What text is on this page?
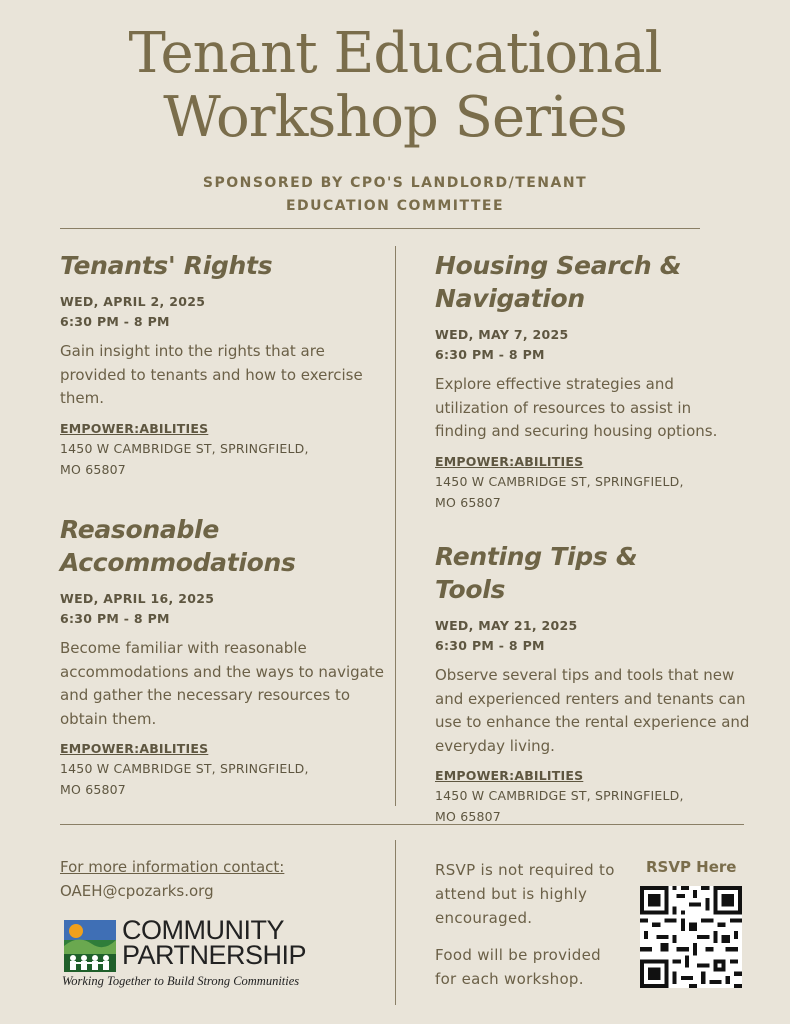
Tenant Educational
Workshop Series
SPONSORED BY CPO'S LANDLORD/TENANT
EDUCATION COMMITTEE
Tenants' Rights
WED, APRIL 2, 2025
6:30 PM - 8 PM
Gain insight into the rights that are provided to tenants and how to exercise them.
EMPOWER:ABILITIES
1450 W CAMBRIDGE ST, SPRINGFIELD,
MO 65807
Reasonable
Accommodations
WED, APRIL 16, 2025
6:30 PM - 8 PM
Become familiar with reasonable accommodations and the ways to navigate and gather the necessary resources to obtain them.
EMPOWER:ABILITIES
1450 W CAMBRIDGE ST, SPRINGFIELD,
MO 65807
Housing Search &
Navigation
WED, MAY 7, 2025
6:30 PM - 8 PM
Explore effective strategies and utilization of resources to assist in finding and securing housing options.
EMPOWER:ABILITIES
1450 W CAMBRIDGE ST, SPRINGFIELD,
MO 65807
Renting Tips &
Tools
WED, MAY 21, 2025
6:30 PM - 8 PM
Observe several tips and tools that new and experienced renters and tenants can use to enhance the rental experience and everyday living.
EMPOWER:ABILITIES
1450 W CAMBRIDGE ST, SPRINGFIELD,
MO 65807
For more information contact:
OAEH@cpozarks.org
COMMUNITY
PARTNERSHIP
Working Together to Build Strong Communities
RSVP is not required to attend but is highly encouraged.
Food will be provided for each workshop.
RSVP Here
